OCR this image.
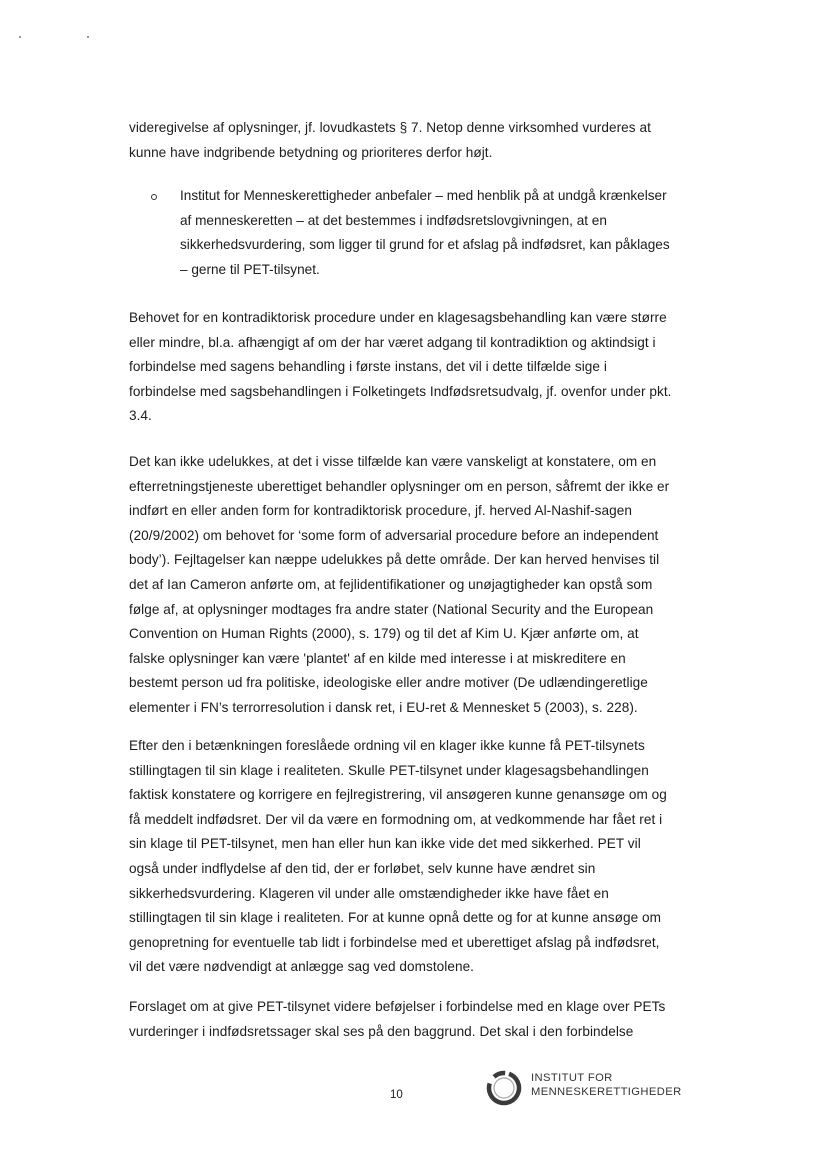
videregivelse af oplysninger, jf. lovudkastets § 7. Netop denne virksomhed vurderes at
kunne have indgribende betydning og prioriteres derfor højt.
Institut for Menneskerettigheder anbefaler – med henblik på at undgå krænkelser
af menneskeretten – at det bestemmes i indfødsretslovgivningen, at en
sikkerhedsvurdering, som ligger til grund for et afslag på indfødsret, kan påklages
– gerne til PET-tilsynet.
Behovet for en kontradiktorisk procedure under en klagesagsbehandling kan være større
eller mindre, bl.a. afhængigt af om der har været adgang til kontradiktion og aktindsigt i
forbindelse med sagens behandling i første instans, det vil i dette tilfælde sige i
forbindelse med sagsbehandlingen i Folketingets Indfødsretsudvalg, jf. ovenfor under pkt.
3.4.
Det kan ikke udelukkes, at det i visse tilfælde kan være vanskeligt at konstatere, om en
efterretningstjeneste uberettiget behandler oplysninger om en person, såfremt der ikke er
indført en eller anden form for kontradiktorisk procedure, jf. herved Al-Nashif-sagen
(20/9/2002) om behovet for ‘some form of adversarial procedure before an independent
body’). Fejltagelser kan næppe udelukkes på dette område. Der kan herved henvises til
det af Ian Cameron anførte om, at fejlidentifikationer og unøjagtigheder kan opstå som
følge af, at oplysninger modtages fra andre stater (National Security and the European
Convention on Human Rights (2000), s. 179) og til det af Kim U. Kjær anførte om, at
falske oplysninger kan være 'plantet' af en kilde med interesse i at miskreditere en
bestemt person ud fra politiske, ideologiske eller andre motiver (De udlændingeretlige
elementer i FN’s terrorresolution i dansk ret, i EU-ret & Mennesket 5 (2003), s. 228).
Efter den i betænkningen foreslåede ordning vil en klager ikke kunne få PET-tilsynets
stillingtagen til sin klage i realiteten. Skulle PET-tilsynet under klagesagsbehandlingen
faktisk konstatere og korrigere en fejlregistrering, vil ansøgeren kunne genansøge om og
få meddelt indfødsret. Der vil da være en formodning om, at vedkommende har fået ret i
sin klage til PET-tilsynet, men han eller hun kan ikke vide det med sikkerhed. PET vil
også under indflydelse af den tid, der er forløbet, selv kunne have ændret sin
sikkerhedsvurdering. Klageren vil under alle omstændigheder ikke have fået en
stillingtagen til sin klage i realiteten. For at kunne opnå dette og for at kunne ansøge om
genopretning for eventuelle tab lidt i forbindelse med et uberettiget afslag på indfødsret,
vil det være nødvendigt at anlægge sag ved domstolene.
Forslaget om at give PET-tilsynet videre beføjelser i forbindelse med en klage over PETs
vurderinger i indfødsretssager skal ses på den baggrund. Det skal i den forbindelse
10
INSTITUT FOR
MENNESKERETTIGHEDER
